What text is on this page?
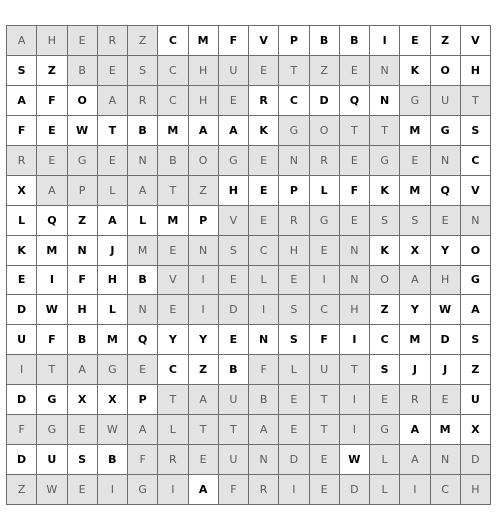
A	H	E	R	Z	C	M	F	V	P	B	B	I	E	Z	V
S	Z	B	E	S	C	H	U	E	T	Z	E	N	K	O	H
A	F	O	A	R	C	H	E	R	C	D	Q	N	G	U	T
F	E	W	T	B	M	A	A	K	G	O	T	T	M	G	S
R	E	G	E	N	B	O	G	E	N	R	E	G	E	N	C
X	A	P	L	A	T	Z	H	E	P	L	F	K	M	Q	V
L	Q	Z	A	L	M	P	V	E	R	G	E	S	S	E	N
K	M	N	J	M	E	N	S	C	H	E	N	K	X	Y	O
E	I	F	H	B	V	I	E	L	E	I	N	O	A	H	G
D	W	H	L	N	E	I	D	I	S	C	H	Z	Y	W	A
U	F	B	M	Q	Y	Y	E	N	S	F	I	C	M	D	S
I	T	A	G	E	C	Z	B	F	L	U	T	S	J	J	Z
D	G	X	X	P	T	A	U	B	E	T	I	E	R	E	U
F	G	E	W	A	L	T	T	A	E	T	I	G	A	M	X
D	U	S	B	F	R	E	U	N	D	E	W	L	A	N	D
Z	W	E	I	G	I	A	F	R	I	E	D	L	I	C	H
